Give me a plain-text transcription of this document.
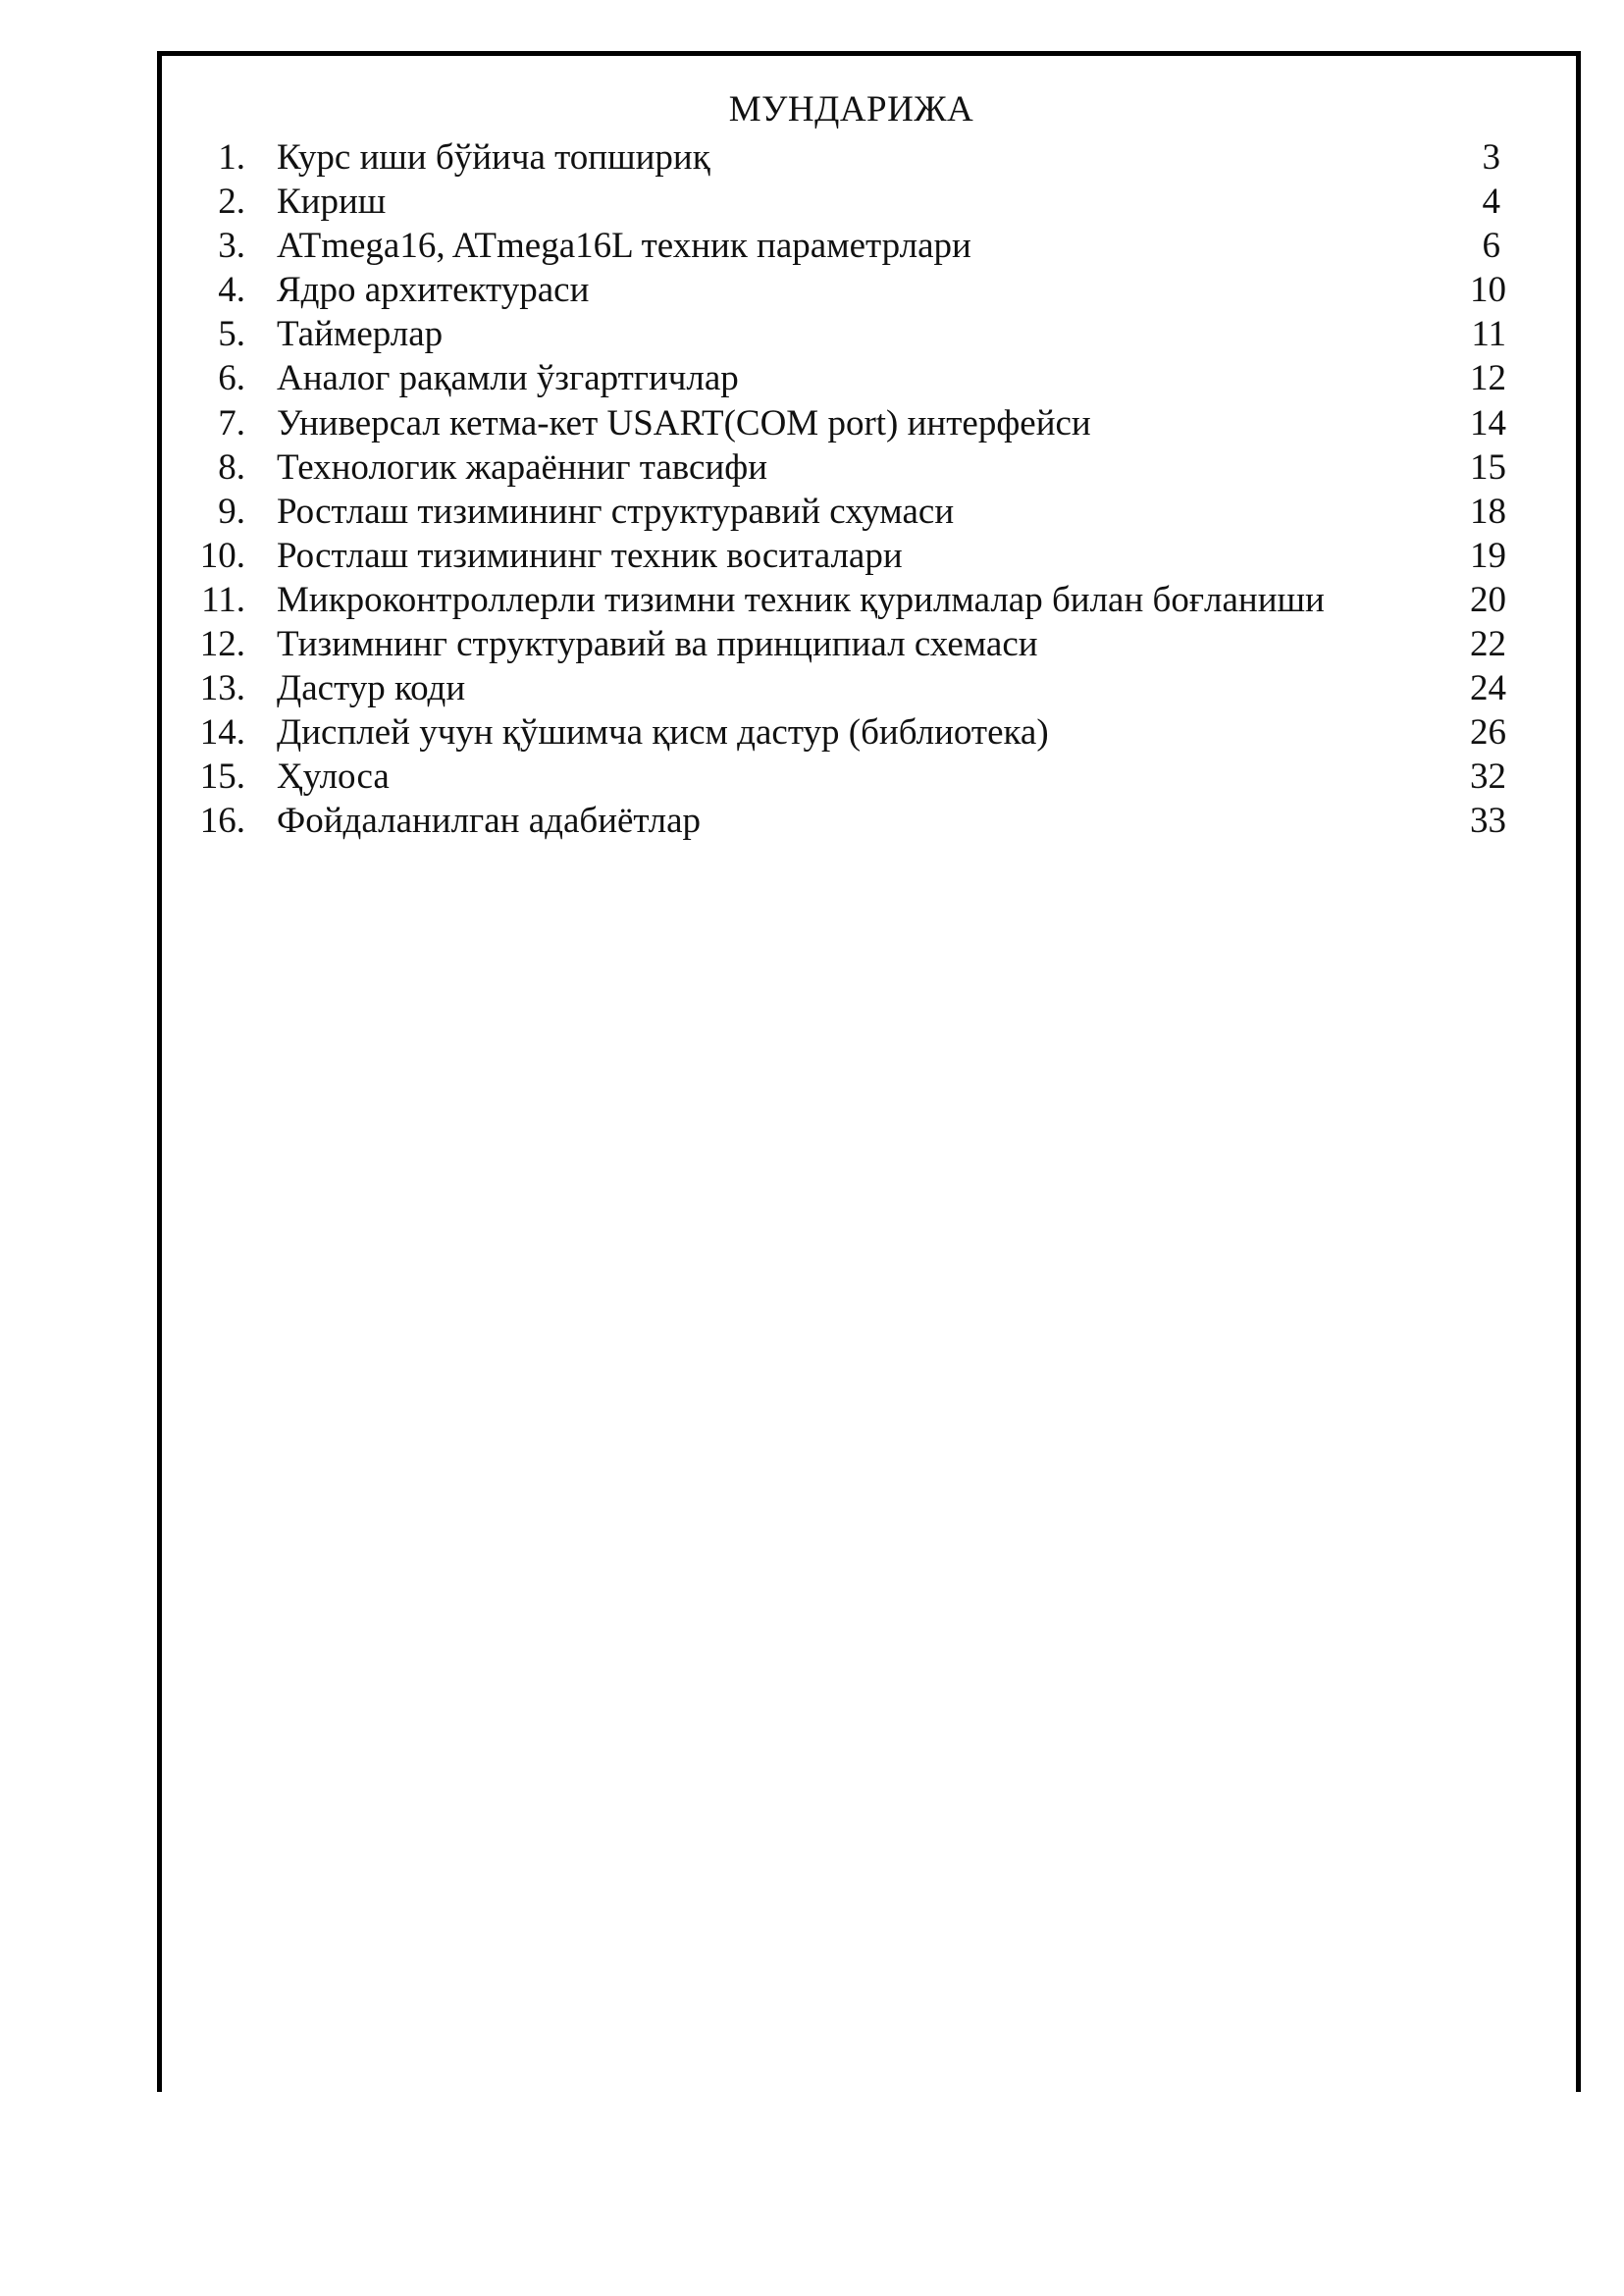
МУНДАРИЖА
1. Курс иши бўйича топшириқ	3
2. Кириш	4
3. ATmega16, ATmega16L техник параметрлари	6
4. Ядро архитектураси	10
5. Таймерлар	11
6. Аналог рақамли ўзгартгичлар	12
7. Универсал кетма-кет USART(COM port) интерфейси	14
8. Технологик жараённиг тавсифи	15
9. Ростлаш тизимининг структуравий схумаси	18
10. Ростлаш тизимининг техник воситалари	19
11. Микроконтроллерли тизимни техник қурилмалар билан боғланиши	20
12. Тизимнинг структуравий ва принципиал схемаси	22
13. Дастур коди	24
14. Дисплей учун қўшимча қисм дастур (библиотека)	26
15. Ҳулоса	32
16. Фойдаланилган адабиётлар	33
